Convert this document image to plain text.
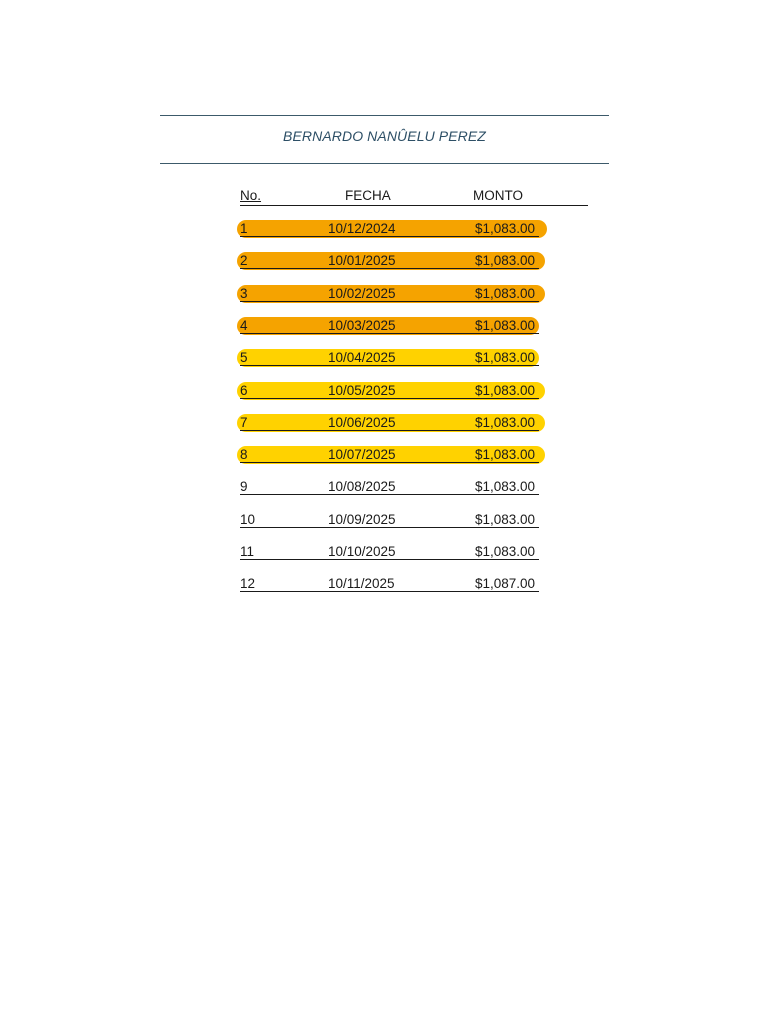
BERNARDO NANÛELU PEREZ
No.	FECHA	MONTO
1	10/12/2024	$1,083.00
2	10/01/2025	$1,083.00
3	10/02/2025	$1,083.00
4	10/03/2025	$1,083.00
5	10/04/2025	$1,083.00
6	10/05/2025	$1,083.00
7	10/06/2025	$1,083.00
8	10/07/2025	$1,083.00
9	10/08/2025	$1,083.00
10	10/09/2025	$1,083.00
11	10/10/2025	$1,083.00
12	10/11/2025	$1,087.00
